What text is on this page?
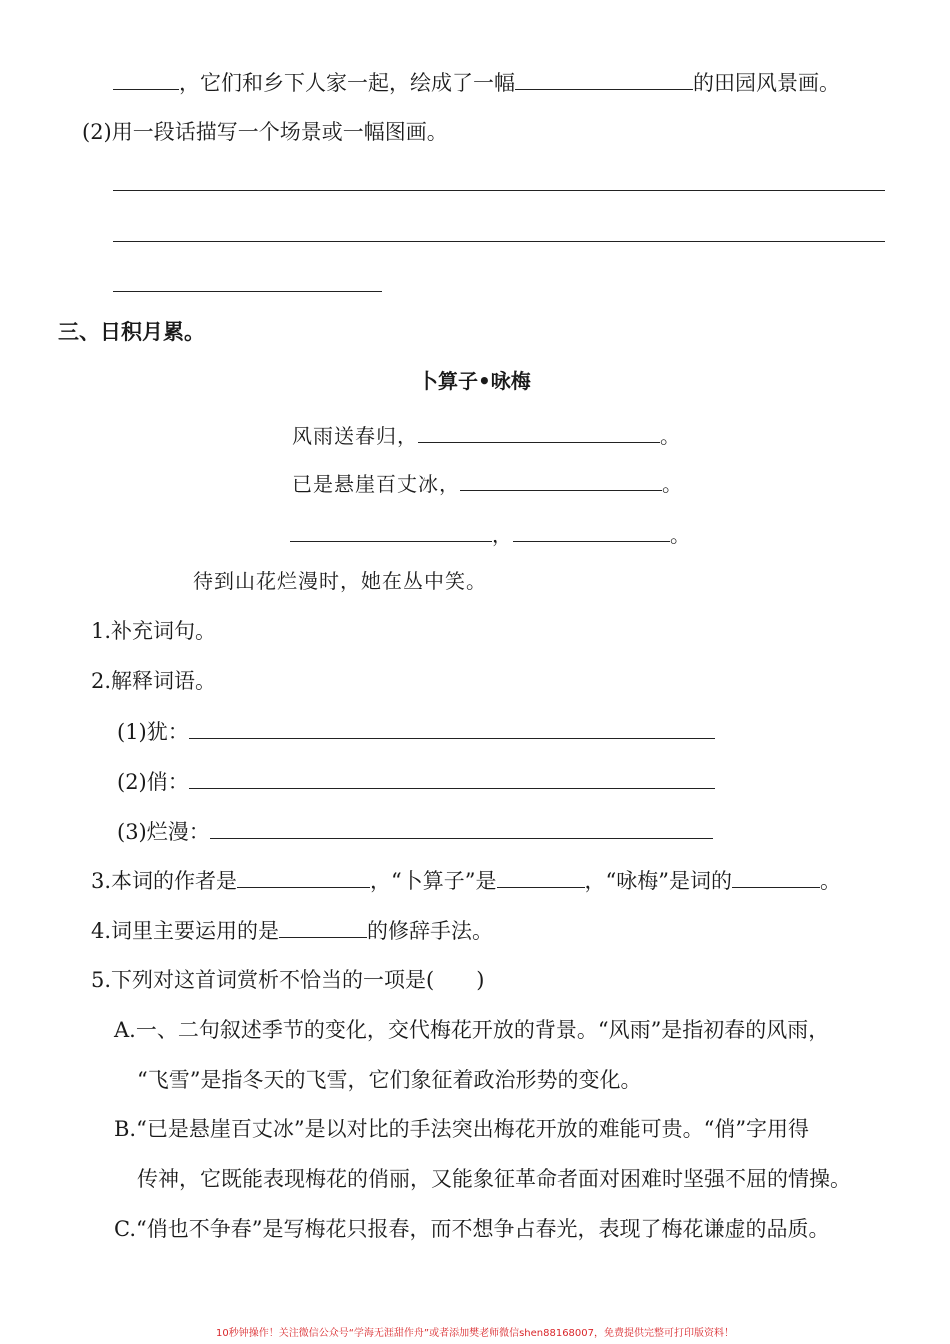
，它们和乡下人家一起，绘成了一幅	的田园风景画。
(2)用一段话描写一个场景或一幅图画。
三、日积月累。
卜算子•咏梅
风雨送春归，	。
已是悬崖百丈冰，	。
，	。
待到山花烂漫时，她在丛中笑。
1.补充词句。
2.解释词语。
(1)犹：
(2)俏：
(3)烂漫：
3.本词的作者是	，“卜算子”是	，“咏梅”是词的	。
4.词里主要运用的是	的修辞手法。
5.下列对这首词赏析不恰当的一项是(　　)
A.一、二句叙述季节的变化，交代梅花开放的背景。“风雨”是指初春的风雨，
“飞雪”是指冬天的飞雪，它们象征着政治形势的变化。
B.“已是悬崖百丈冰”是以对比的手法突出梅花开放的难能可贵。“俏”字用得
传神，它既能表现梅花的俏丽，又能象征革命者面对困难时坚强不屈的情操。
C.“俏也不争春”是写梅花只报春，而不想争占春光，表现了梅花谦虚的品质。
10秒钟操作！关注微信公众号“学海无涯甜作舟”或者添加樊老师微信shen88168007，免费提供完整可打印版资料！
